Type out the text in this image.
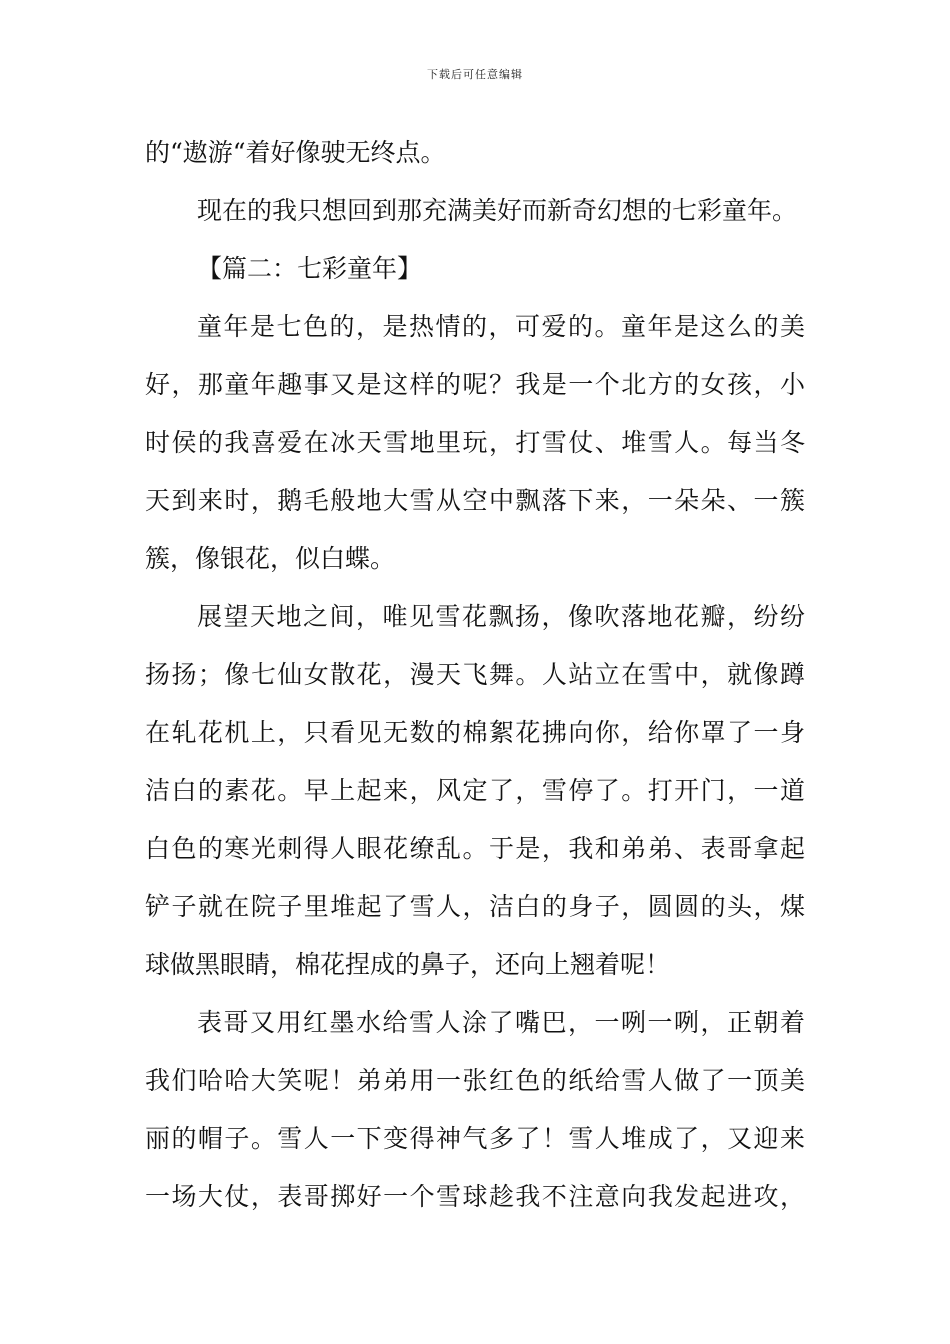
下载后可任意编辑
的“遨游“着好像驶无终点。
现在的我只想回到那充满美好而新奇幻想的七彩童年。
【篇二：七彩童年】
童年是七色的，是热情的，可爱的。童年是这么的美
好，那童年趣事又是这样的呢？我是一个北方的女孩，小
时侯的我喜爱在冰天雪地里玩，打雪仗、堆雪人。每当冬
天到来时，鹅毛般地大雪从空中飘落下来，一朵朵、一簇
簇，像银花，似白蝶。
展望天地之间，唯见雪花飘扬，像吹落地花瓣，纷纷
扬扬；像七仙女散花，漫天飞舞。人站立在雪中，就像蹲
在轧花机上，只看见无数的棉絮花拂向你，给你罩了一身
洁白的素花。早上起来，风定了，雪停了。打开门，一道
白色的寒光刺得人眼花缭乱。于是，我和弟弟、表哥拿起
铲子就在院子里堆起了雪人，洁白的身子，圆圆的头，煤
球做黑眼睛，棉花捏成的鼻子，还向上翘着呢！
表哥又用红墨水给雪人涂了嘴巴，一咧一咧，正朝着
我们哈哈大笑呢！弟弟用一张红色的纸给雪人做了一顶美
丽的帽子。雪人一下变得神气多了！雪人堆成了，又迎来
一场大仗，表哥掷好一个雪球趁我不注意向我发起进攻，
